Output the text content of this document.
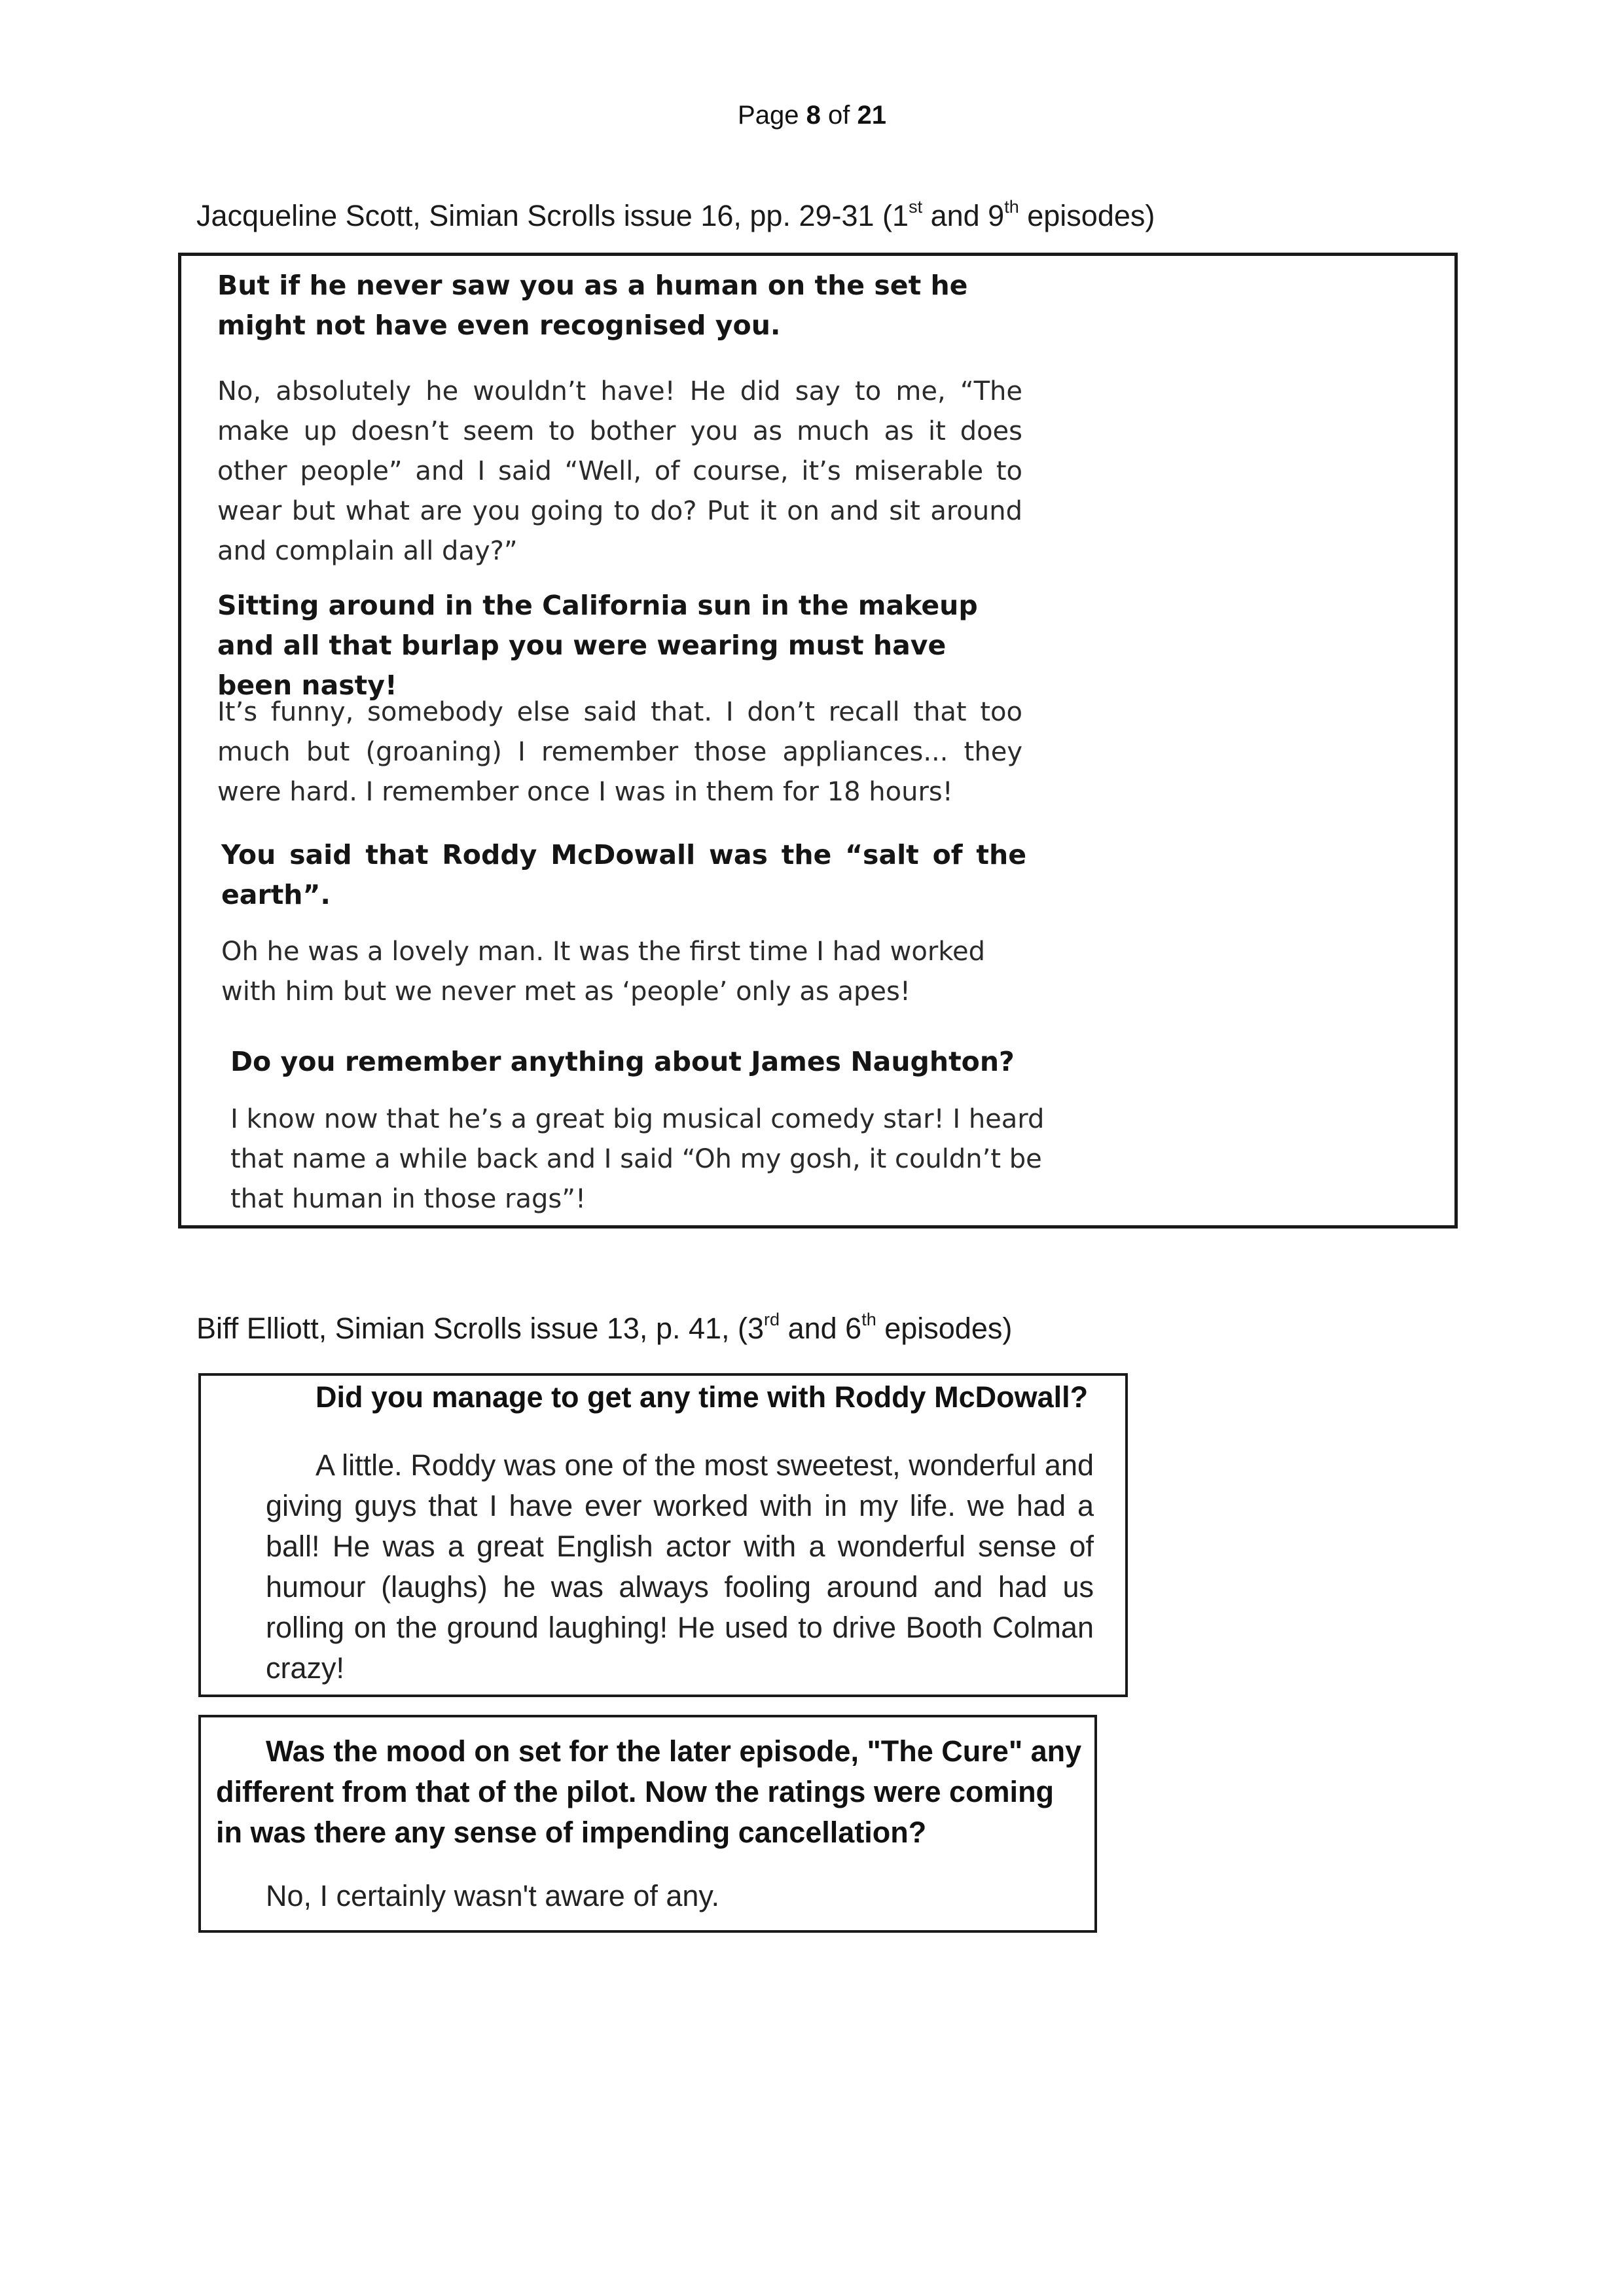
Page 8 of 21
Jacqueline Scott, Simian Scrolls issue 16, pp. 29-31 (1st and 9th episodes)

But if he never saw you as a human on the set he might not have even recognised you.

No, absolutely he wouldn’t have! He did say to me, “The make up doesn’t seem to bother you as much as it does other people” and I said “Well, of course, it’s miserable to wear but what are you going to do? Put it on and sit around and complain all day?”

Sitting around in the California sun in the makeup and all that burlap you were wearing must have been nasty!

It’s funny, somebody else said that. I don’t recall that too much but (groaning) I remember those appliances... they were hard. I remember once I was in them for 18 hours!

You said that Roddy McDowall was the “salt of the earth”.

Oh he was a lovely man. It was the first time I had worked with him but we never met as ‘people’ only as apes!

Do you remember anything about James Naughton?

I know now that he’s a great big musical comedy star! I heard that name a while back and I said “Oh my gosh, it couldn’t be that human in those rags”!

Biff Elliott, Simian Scrolls issue 13, p. 41, (3rd and 6th episodes)

Did you manage to get any time with Roddy McDowall?

A little. Roddy was one of the most sweetest, wonderful and giving guys that I have ever worked with in my life. we had a ball! He was a great English actor with a wonderful sense of humour (laughs) he was always fooling around and had us rolling on the ground laughing! He used to drive Booth Colman crazy!

Was the mood on set for the later episode, "The Cure" any different from that of the pilot. Now the ratings were coming in was there any sense of impending cancellation?

No, I certainly wasn't aware of any.
